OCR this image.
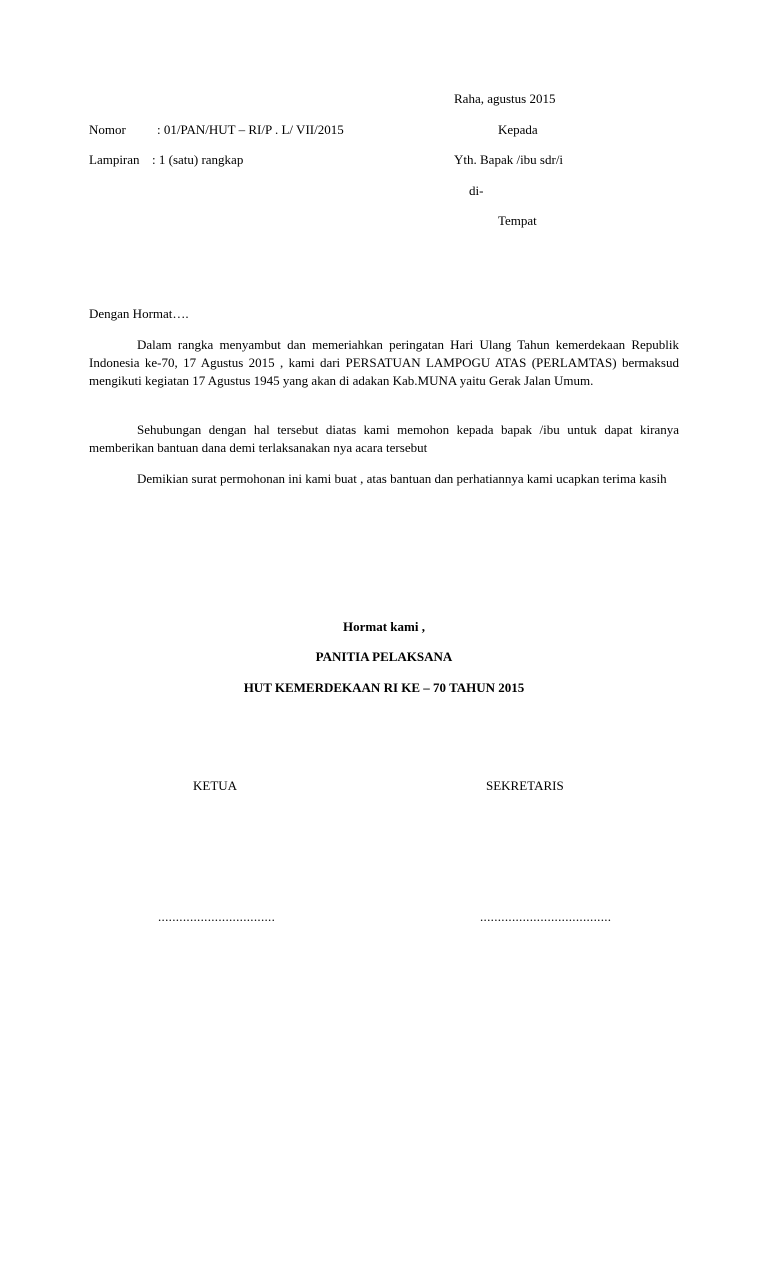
Raha, agustus 2015
Nomor : 01/PAN/HUT – RI/P . L/ VII/2015	Kepada
Lampiran : 1 (satu) rangkap	Yth. Bapak /ibu sdr/i
di-
Tempat
Dengan Hormat….
Dalam rangka menyambut dan memeriahkan peringatan Hari Ulang Tahun kemerdekaan Republik Indonesia ke-70, 17 Agustus 2015 , kami dari PERSATUAN LAMPOGU ATAS (PERLAMTAS) bermaksud mengikuti kegiatan 17 Agustus 1945 yang akan di adakan Kab.MUNA yaitu Gerak Jalan Umum.
Sehubungan dengan hal tersebut diatas kami memohon kepada bapak /ibu untuk dapat kiranya memberikan bantuan dana demi terlaksanakan nya acara tersebut
Demikian surat permohonan ini kami buat , atas bantuan dan perhatiannya kami ucapkan terima kasih
Hormat kami ,
PANITIA PELAKSANA
HUT KEMERDEKAAN RI KE – 70 TAHUN 2015
KETUA	SEKRETARIS
.................................	.....................................
